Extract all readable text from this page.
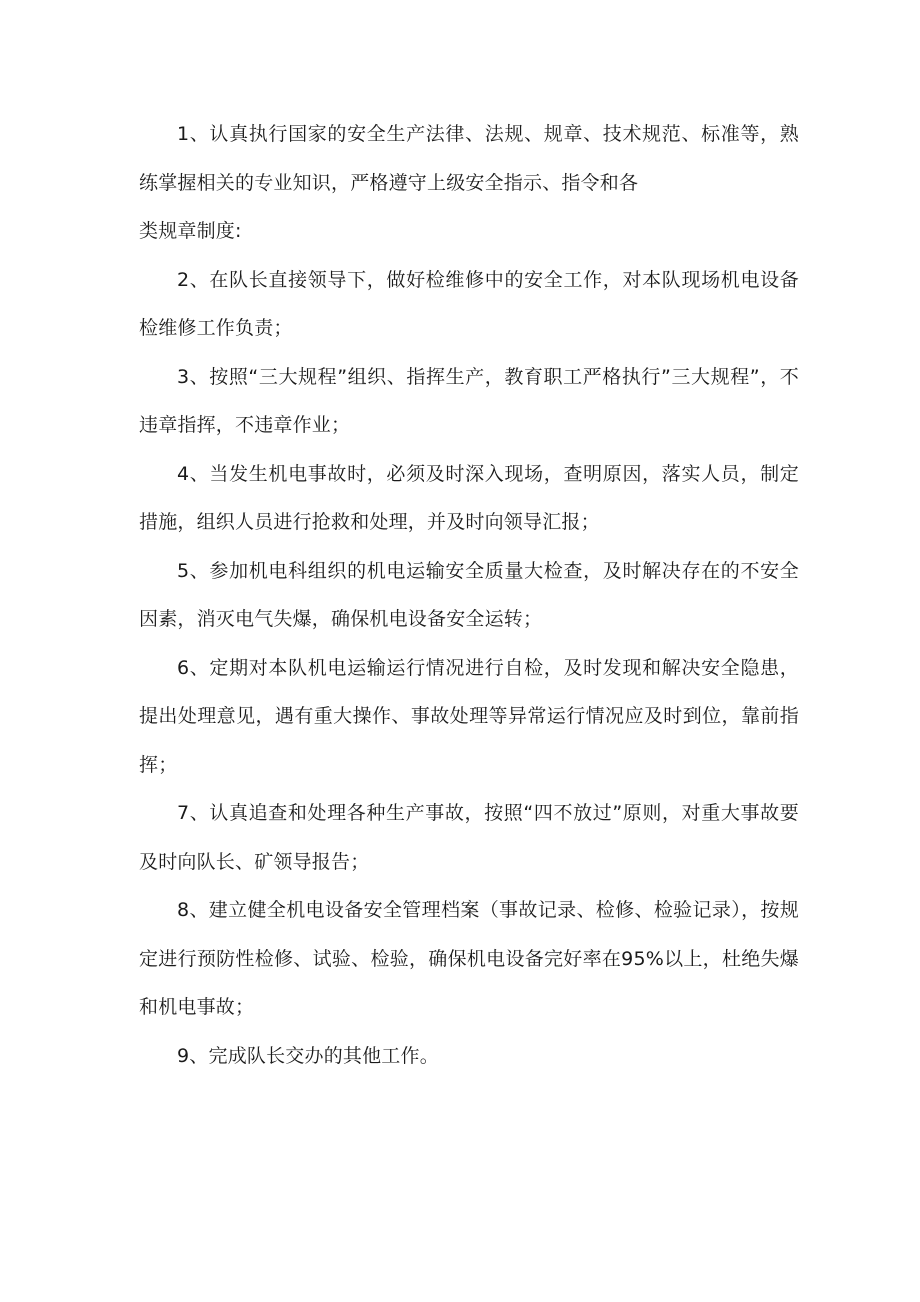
1、认真执行国家的安全生产法律、法规、规章、技术规范、标准等，熟练掌握相关的专业知识，严格遵守上级安全指示、指令和各

类规章制度:

2、在队长直接领导下，做好检维修中的安全工作，对本队现场机电设备检维修工作负责；

3、按照“三大规程”组织、指挥生产，教育职工严格执行”三大规程”，不违章指挥，不违章作业；

4、当发生机电事故时，必须及时深入现场，查明原因，落实人员，制定措施，组织人员进行抢救和处理，并及时向领导汇报；

5、参加机电科组织的机电运输安全质量大检查，及时解决存在的不安全因素，消灭电气失爆，确保机电设备安全运转；

6、定期对本队机电运输运行情况进行自检，及时发现和解决安全隐患，提出处理意见，遇有重大操作、事故处理等异常运行情况应及时到位，靠前指挥；

7、认真追查和处理各种生产事故，按照“四不放过”原则，对重大事故要及时向队长、矿领导报告；

8、建立健全机电设备安全管理档案（事故记录、检修、检验记录），按规定进行预防性检修、试验、检验，确保机电设备完好率在95%以上，杜绝失爆和机电事故；

9、完成队长交办的其他工作。
